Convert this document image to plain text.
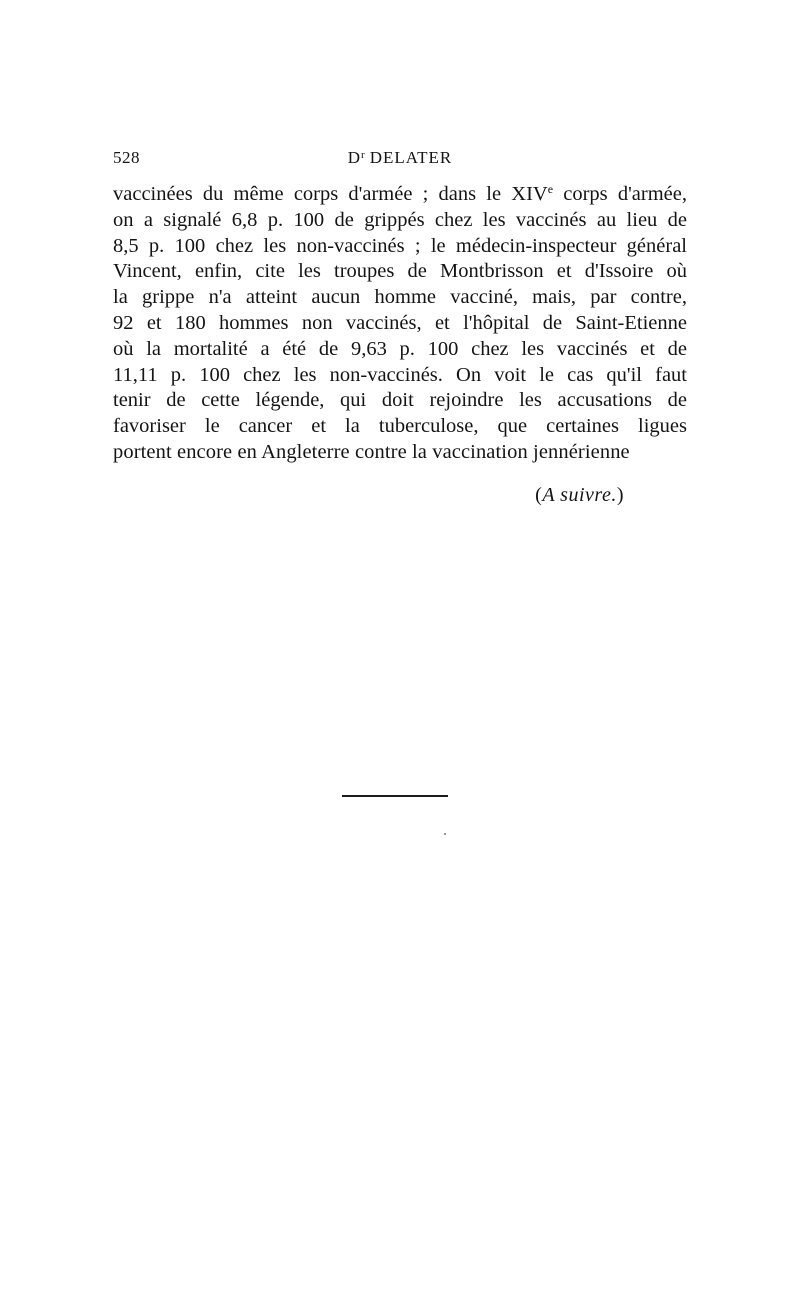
528	$D^r$ DELATER

vaccinées du même corps d'armée ; dans le XIVe corps d'armée,
on a signalé 6,8 p. 100 de grippés chez les vaccinés au lieu de
8,5 p. 100 chez les non-vaccinés ; le médecin-inspecteur général
Vincent, enfin, cite les troupes de Montbrisson et d'Issoire où
la grippe n'a atteint aucun homme vacciné, mais, par contre,
92 et 180 hommes non vaccinés, et l'hôpital de Saint-Etienne
où la mortalité a été de 9,63 p. 100 chez les vaccinés et de
11,11 p. 100 chez les non-vaccinés. On voit le cas qu'il faut
tenir de cette légende, qui doit rejoindre les accusations de
favoriser le cancer et la tuberculose, que certaines ligues
portent encore en Angleterre contre la vaccination jennérienne

(A suivre.)
